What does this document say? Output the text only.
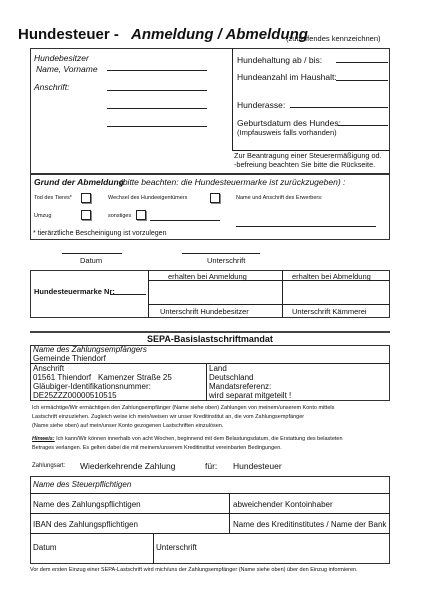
Hundesteuer - Anmeldung / Abmeldung
(zutreffendes kennzeichnen)
Hundebesitzer
Name, Vorname
Anschrift:
Hundehaltung ab / bis:
Hundeanzahl im Haushalt:
Hunderasse:
Geburtsdatum des Hundes:
(Impfausweis falls vorhanden)
Zur Beantragung einer Steuerermäßigung od.
-befreiung beachten Sie bitte die Rückseite.
Grund der Abmeldung
(bitte beachten: die Hundesteuermarke ist zurückzugeben) :
Tod des Tieres*	Wechsel des Hundeeigentümers	Name und Anschrift des Erwerbers:
Umzug	sonstiges
* tierärztliche Bescheinigung ist vorzulegen
Datum	Unterschrift
Hundesteuermarke Nr:
erhalten bei Anmeldung	erhalten bei Abmeldung
Unterschrift Hundebesitzer	Unterschrift Kämmerei
SEPA-Basislastschriftmandat
Name des Zahlungsempfängers
Gemeinde Thiendorf
Anschrift
01561 Thiendorf Kamenzer Straße 25
Gläubiger-Identifikationsnummer:
DE25ZZZ00000510515
Land
Deutschland
Mandatsreferenz:
wird separat mitgeteilt !
Ich ermächtige/Wir ermächtigen den Zahlungsempfänger (Name siehe oben) Zahlungen von meinem/unserem Konto mittels
Lastschrift einzuziehen. Zugleich weise ich mein/weisen wir unser Kreditinstitut an, die vom Zahlungsempfänger
(Name siehe oben) auf mein/unser Konto gezogenen Lastschriften einzulösen.
Hinweis: Ich kann/Wir können innerhalb von acht Wochen, beginnend mit dem Belastungsdatum, die Erstattung des belasteten
Betrages verlangen. Es gelten dabei die mit meinem/unserem Kreditinstitut vereinbarten Bedingungen.
Zahlungsart: Wiederkehrende Zahlung	für: Hundesteuer
Name des Steuerpflichtigen
Name des Zahlungspflichtigen	abweichender Kontoinhaber
IBAN des Zahlungspflichtigen	Name des Kreditinstitutes / Name der Bank
Datum	Unterschrift
Vor dem ersten Einzug einer SEPA-Lastschrift wird mich/uns der Zahlungsempfänger (Name siehe oben) über den Einzug informieren.
